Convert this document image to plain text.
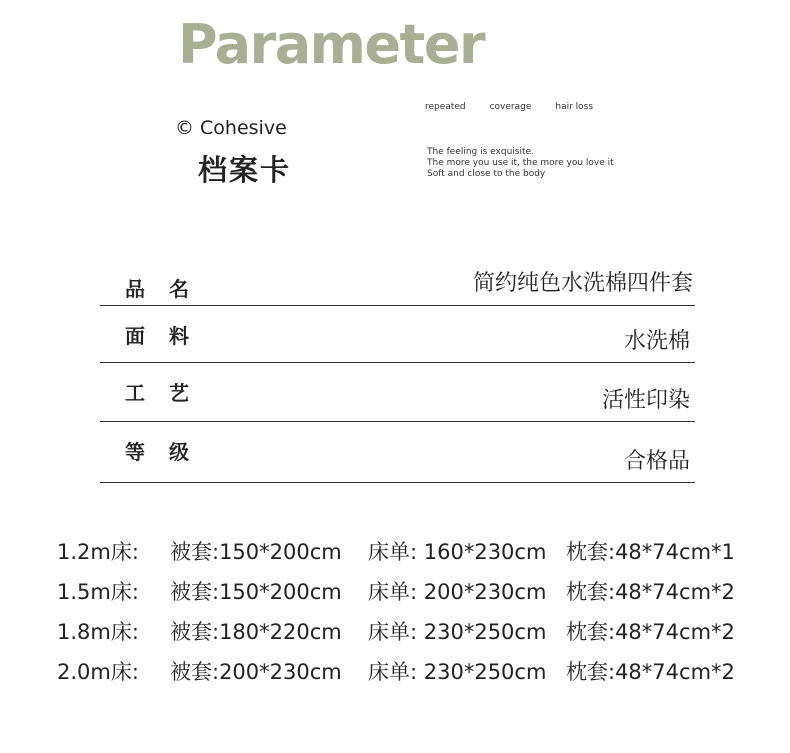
Parameter
© Cohesive
档案卡
repeated	coverage	hair loss
The feeling is exquisite.
The more you use it, the more you love it
Soft and close to the body
品名	简约纯色水洗棉四件套
面料	水洗棉
工艺	活性印染
等级	合格品
1.2m床: 被套:150*200cm 床单: 160*230cm 枕套:48*74cm*1
1.5m床: 被套:150*200cm 床单: 200*230cm 枕套:48*74cm*2
1.8m床: 被套:180*220cm 床单: 230*250cm 枕套:48*74cm*2
2.0m床: 被套:200*230cm 床单: 230*250cm 枕套:48*74cm*2
